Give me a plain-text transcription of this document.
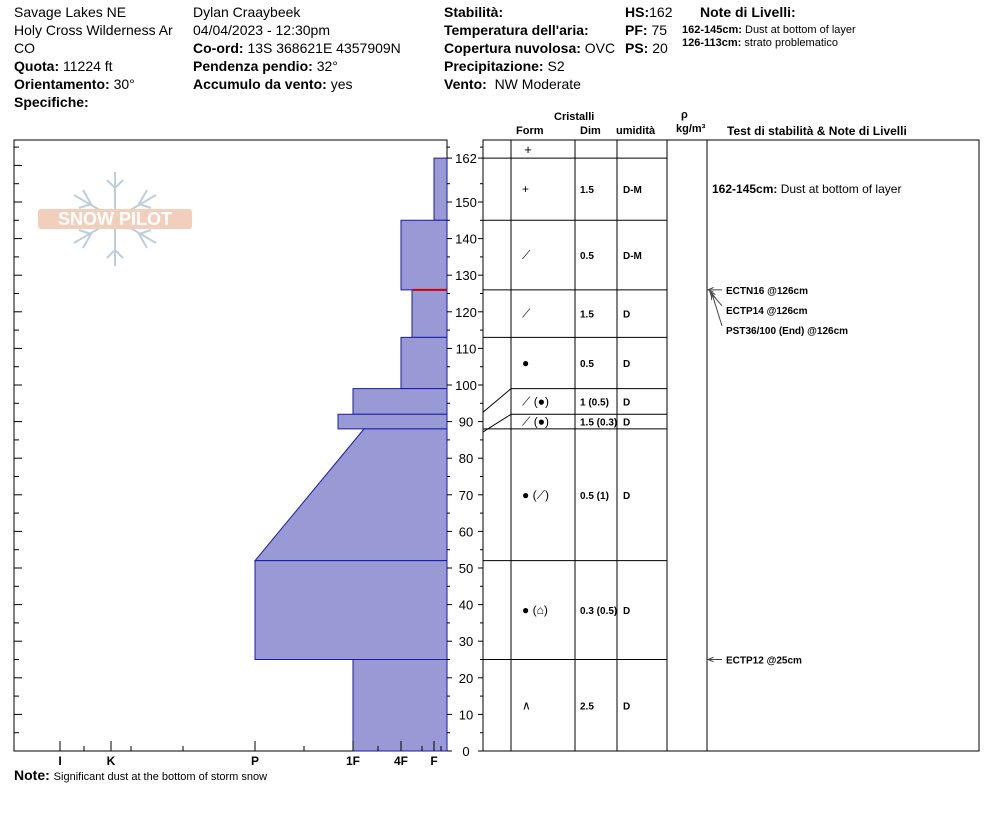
Savage Lakes NE
Holy Cross Wilderness Ar
CO
Quota: 11224 ft
Orientamento: 30°
Specifiche:
Dylan Craaybeek
04/04/2023 - 12:30pm
Co-ord: 13S 368621E 4357909N
Pendenza pendio: 32°
Accumulo da vento: yes
Stabilità:
Temperatura dell'aria:
Copertura nuvolosa: OVC
Precipitazione: S2
Vento: NW Moderate
HS:162
PF: 75
PS: 20
Note di Livelli:
162-145cm: Dust at bottom of layer
126-113cm: strato problematico
Cristalli
Form	Dim umidità
ρ
kg/m³ Test di stabilità & Note di Livelli
SNOW PILOT
0
10
20
30
40
50
60
70
80
90
100
110
120
130
140
150
162
I	K	P	1F	4F F
+
+	1.5	D-M	162-145cm: Dust at bottom of layer
⟋	0.5	D-M
⟋	1.5	D
●	0.5	D
⟋ (●)	1 (0.5) D
⟋ (●)	1.5 (0.3) D
● (⟋)	0.5 (1) D
● (⌂)	0.3 (0.5) D
∧	2.5	D
ECTN16 @126cm
ECTP14 @126cm
PST36/100 (End) @126cm
ECTP12 @25cm
Note: Significant dust at the bottom of storm snow
